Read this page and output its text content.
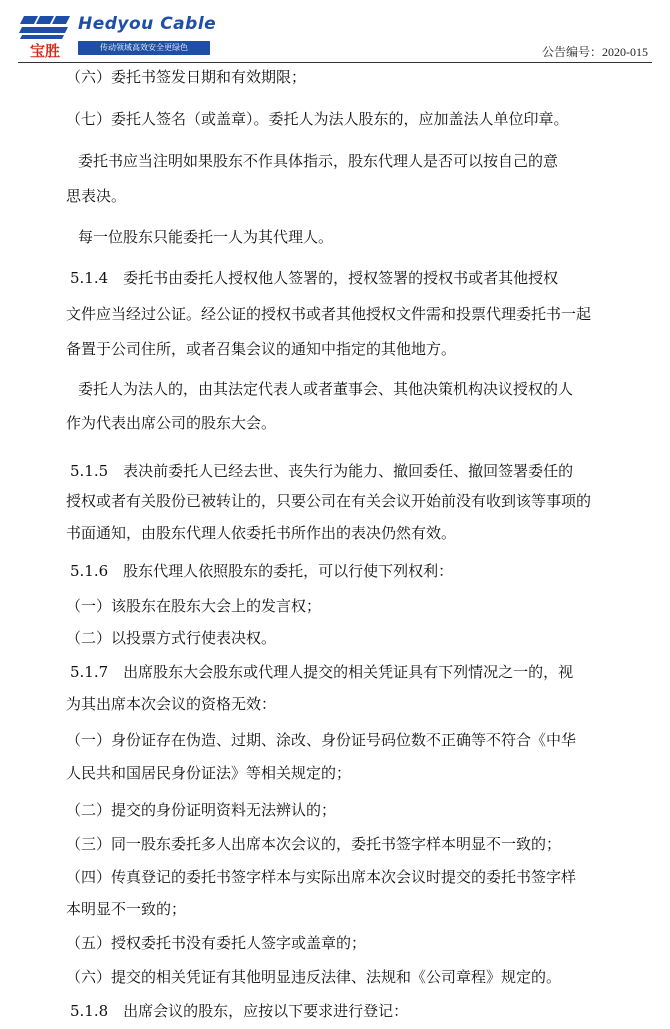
宝胜
Hedyou Cable
传动领域高效安全更绿色	公告编号：2020-015
（六）委托书签发日期和有效期限；
（七）委托人签名（或盖章）。委托人为法人股东的，应加盖法人单位印章。
委托书应当注明如果股东不作具体指示，股东代理人是否可以按自己的意
思表决。
每一位股东只能委托一人为其代理人。
5.1.4　委托书由委托人授权他人签署的，授权签署的授权书或者其他授权
文件应当经过公证。经公证的授权书或者其他授权文件需和投票代理委托书一起
备置于公司住所，或者召集会议的通知中指定的其他地方。
委托人为法人的，由其法定代表人或者董事会、其他决策机构决议授权的人
作为代表出席公司的股东大会。
5.1.5　表决前委托人已经去世、丧失行为能力、撤回委任、撤回签署委任的
授权或者有关股份已被转让的，只要公司在有关会议开始前没有收到该等事项的
书面通知，由股东代理人依委托书所作出的表决仍然有效。
5.1.6　股东代理人依照股东的委托，可以行使下列权利：
（一）该股东在股东大会上的发言权；
（二）以投票方式行使表决权。
5.1.7　出席股东大会股东或代理人提交的相关凭证具有下列情况之一的，视
为其出席本次会议的资格无效：
（一）身份证存在伪造、过期、涂改、身份证号码位数不正确等不符合《中华
人民共和国居民身份证法》等相关规定的；
（二）提交的身份证明资料无法辨认的；
（三）同一股东委托多人出席本次会议的，委托书签字样本明显不一致的；
（四）传真登记的委托书签字样本与实际出席本次会议时提交的委托书签字样
本明显不一致的；
（五）授权委托书没有委托人签字或盖章的；
（六）提交的相关凭证有其他明显违反法律、法规和《公司章程》规定的。
5.1.8　出席会议的股东，应按以下要求进行登记：
